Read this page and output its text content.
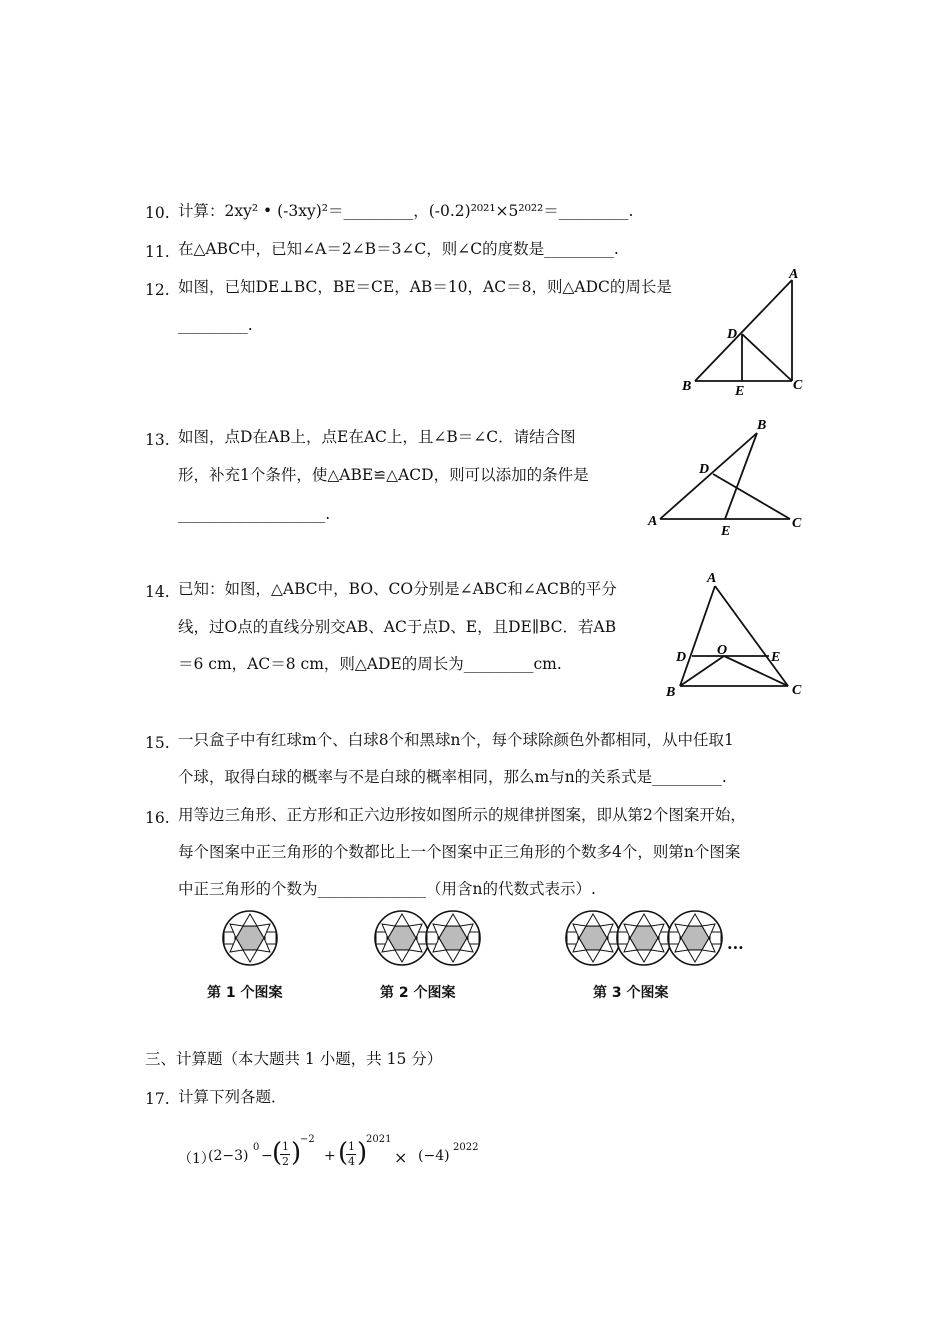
10. 计算：2xy² • (-3xy)²＝_________，(-0.2)²⁰²¹×5²⁰²²＝_________.
11. 在△ABC中，已知∠A＝2∠B＝3∠C，则∠C的度数是_________.
12. 如图，已知DE⊥BC，BE＝CE，AB＝10，AC＝8，则△ADC的周长是
_________.
A
D
B	E	C
13. 如图，点D在AB上，点E在AC上，且∠B＝∠C．请结合图
形，补充1个条件，使△ABE≌△ACD，则可以添加的条件是
___________________.
B
D
A
E
C
14. 已知：如图，△ABC中，BO、CO分别是∠ABC和∠ACB的平分
线，过O点的直线分别交AB、AC于点D、E，且DE∥BC．若AB
＝6 cm，AC＝8 cm，则△ADE的周长为_________cm.
A
D O	E
B	C
15. 一只盒子中有红球m个、白球8个和黑球n个，每个球除颜色外都相同，从中任取1
个球，取得白球的概率与不是白球的概率相同，那么m与n的关系式是_________.
16. 用等边三角形、正方形和正六边形按如图所示的规律拼图案，即从第2个图案开始，
每个图案中正三角形的个数都比上一个图案中正三角形的个数多4个，则第n个图案
中正三角形的个数为______________（用含n的代数式表示）.
···
第 1 个图案	第 2 个图案	第 3 个图案
三、计算题（本大题共 1 小题，共 15 分）
17. 计算下列各题．
（1）
(2−3)
0
− ( 1
2 )
−2
+ ( 1
4 )
2021
× (−4)
2022
